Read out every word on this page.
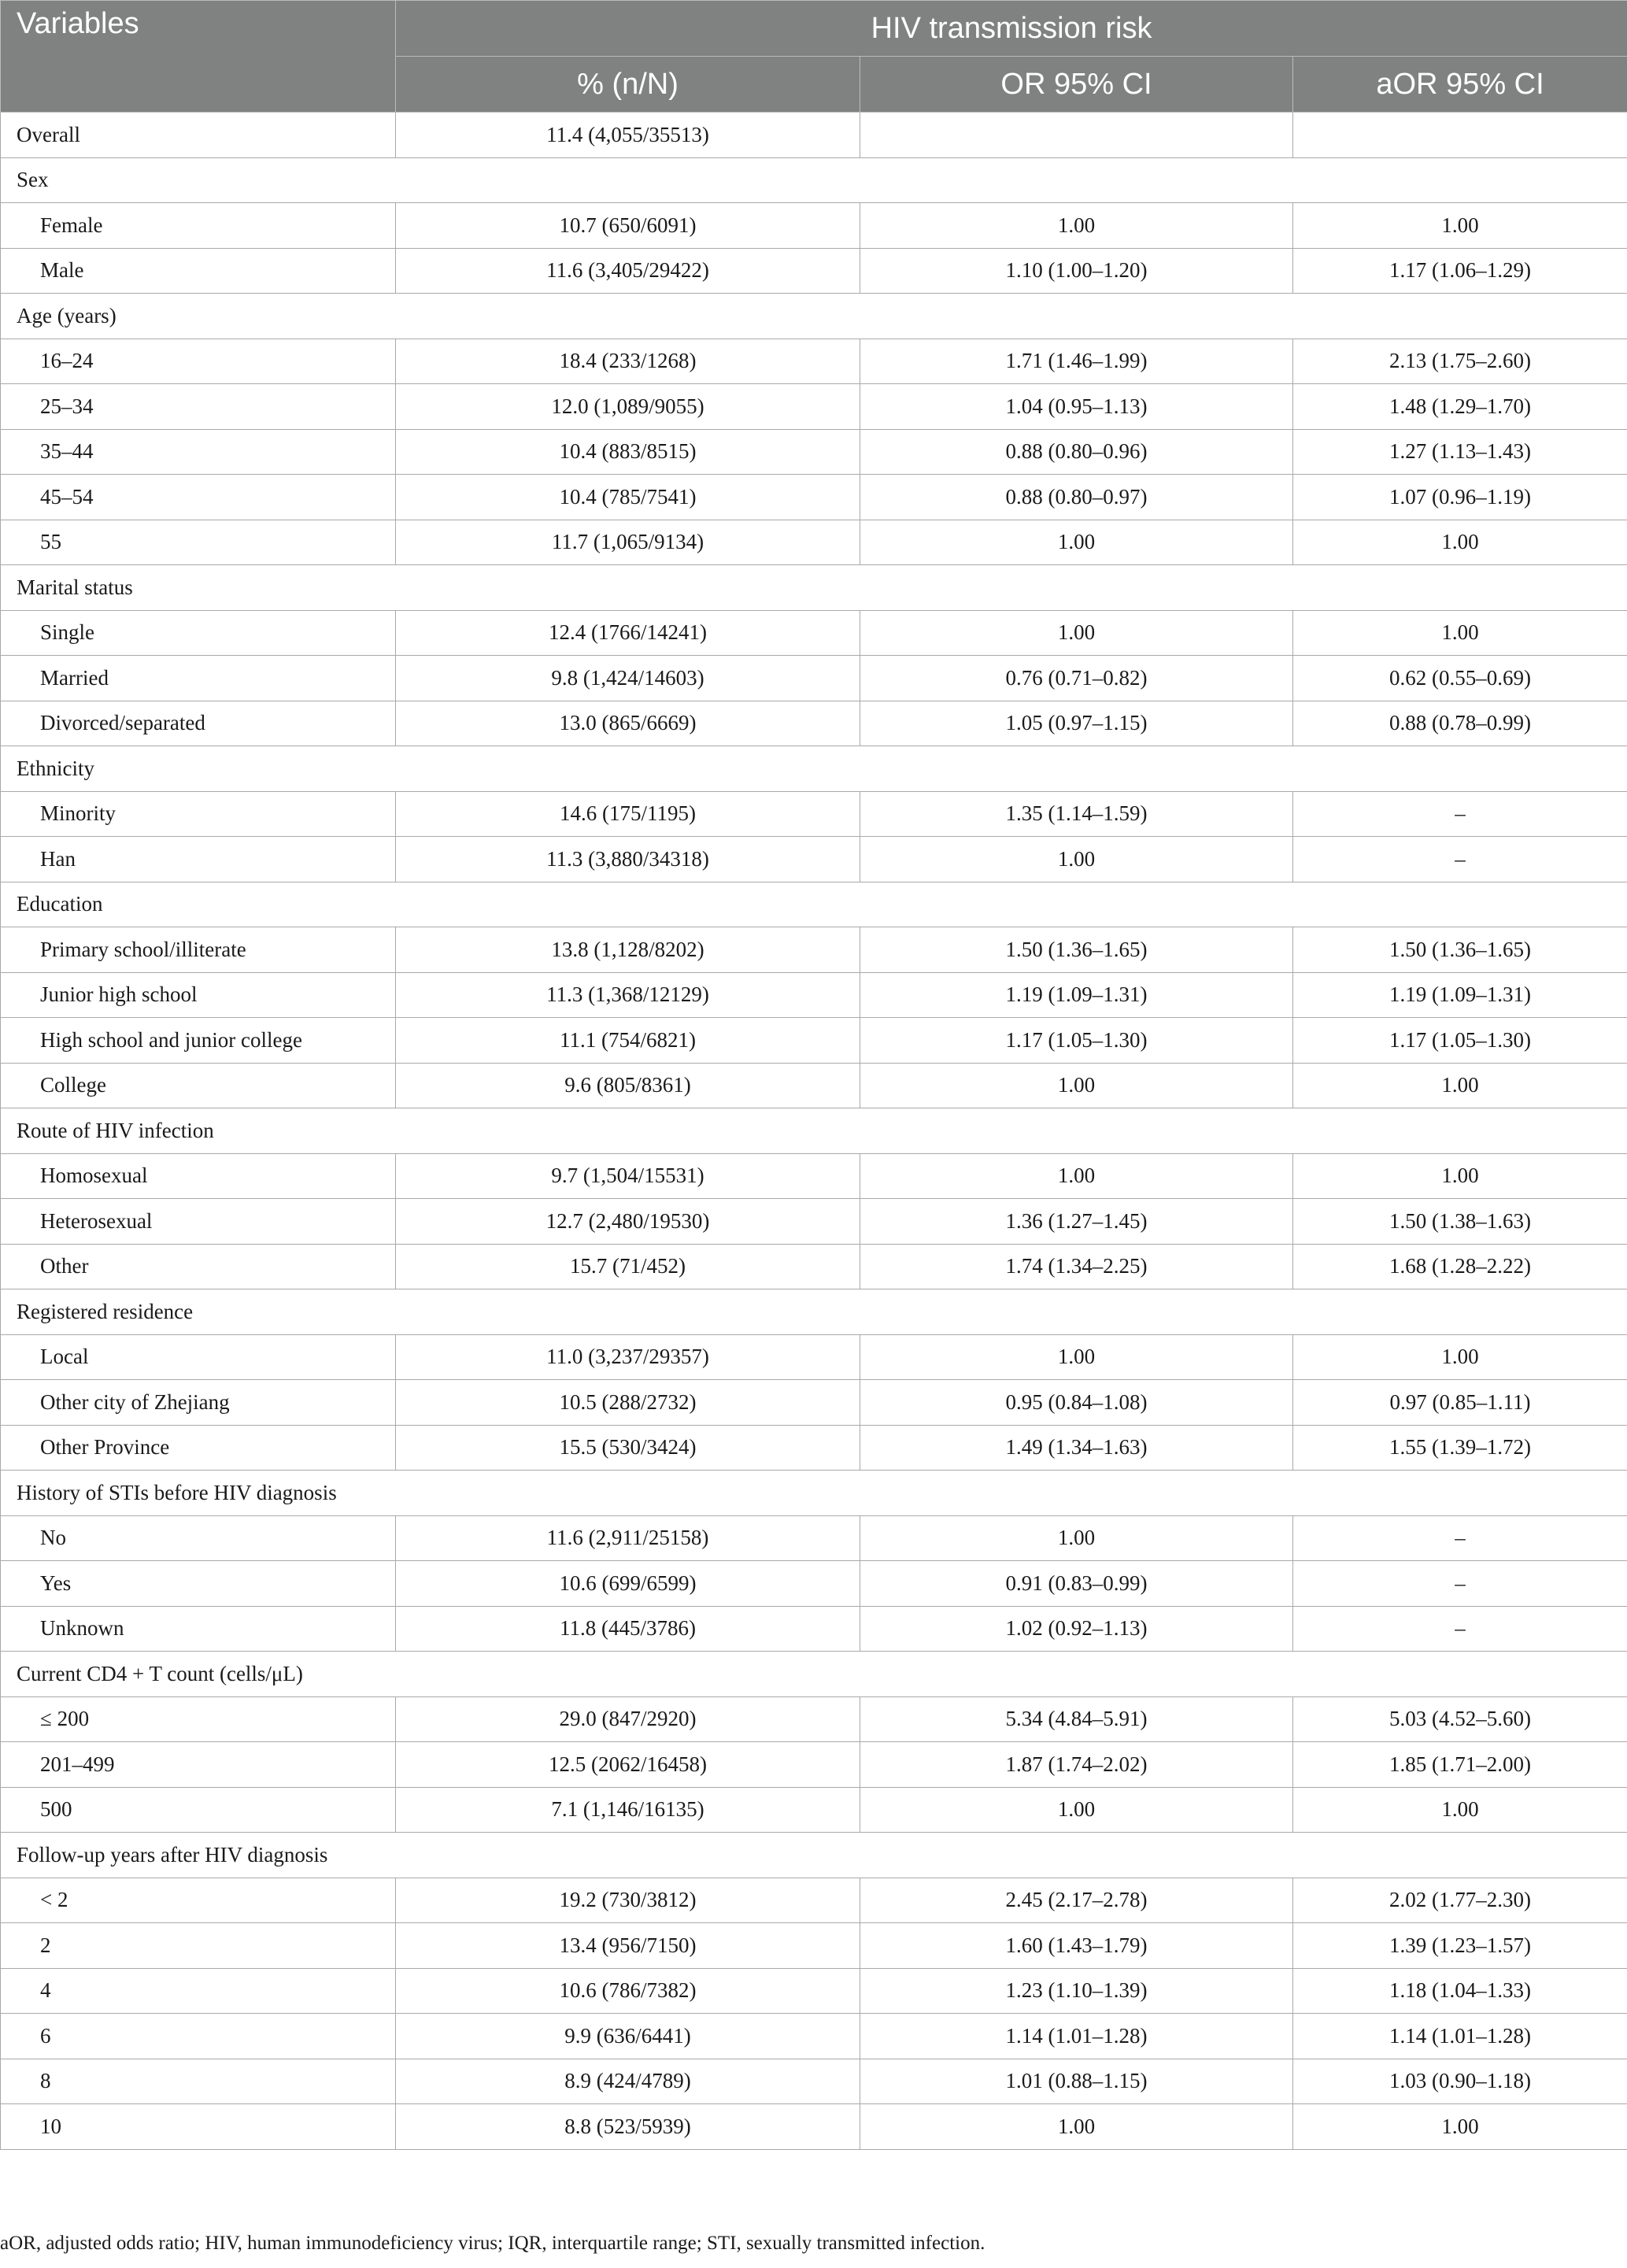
Variables	HIV transmission risk		
	% (n/N)	OR 95% CI	aOR 95% CI
Overall	11.4 (4,055/35513)		
Sex			
Female	10.7 (650/6091)	1.00	1.00
Male	11.6 (3,405/29422)	1.10 (1.00–1.20)	1.17 (1.06–1.29)
Age (years)			
16–24	18.4 (233/1268)	1.71 (1.46–1.99)	2.13 (1.75–2.60)
25–34	12.0 (1,089/9055)	1.04 (0.95–1.13)	1.48 (1.29–1.70)
35–44	10.4 (883/8515)	0.88 (0.80–0.96)	1.27 (1.13–1.43)
45–54	10.4 (785/7541)	0.88 (0.80–0.97)	1.07 (0.96–1.19)
55	11.7 (1,065/9134)	1.00	1.00
Marital status			
Single	12.4 (1766/14241)	1.00	1.00
Married	9.8 (1,424/14603)	0.76 (0.71–0.82)	0.62 (0.55–0.69)
Divorced/separated	13.0 (865/6669)	1.05 (0.97–1.15)	0.88 (0.78–0.99)
Ethnicity			
Minority	14.6 (175/1195)	1.35 (1.14–1.59)	–
Han	11.3 (3,880/34318)	1.00	–
Education			
Primary school/illiterate	13.8 (1,128/8202)	1.50 (1.36–1.65)	1.50 (1.36–1.65)
Junior high school	11.3 (1,368/12129)	1.19 (1.09–1.31)	1.19 (1.09–1.31)
High school and junior college	11.1 (754/6821)	1.17 (1.05–1.30)	1.17 (1.05–1.30)
College	9.6 (805/8361)	1.00	1.00
Route of HIV infection			
Homosexual	9.7 (1,504/15531)	1.00	1.00
Heterosexual	12.7 (2,480/19530)	1.36 (1.27–1.45)	1.50 (1.38–1.63)
Other	15.7 (71/452)	1.74 (1.34–2.25)	1.68 (1.28–2.22)
Registered residence			
Local	11.0 (3,237/29357)	1.00	1.00
Other city of Zhejiang	10.5 (288/2732)	0.95 (0.84–1.08)	0.97 (0.85–1.11)
Other Province	15.5 (530/3424)	1.49 (1.34–1.63)	1.55 (1.39–1.72)
History of STIs before HIV diagnosis			
No	11.6 (2,911/25158)	1.00	–
Yes	10.6 (699/6599)	0.91 (0.83–0.99)	–
Unknown	11.8 (445/3786)	1.02 (0.92–1.13)	–
Current CD4 + T count (cells/μL)			
≤ 200	29.0 (847/2920)	5.34 (4.84–5.91)	5.03 (4.52–5.60)
201–499	12.5 (2062/16458)	1.87 (1.74–2.02)	1.85 (1.71–2.00)
500	7.1 (1,146/16135)	1.00	1.00
Follow-up years after HIV diagnosis			
< 2	19.2 (730/3812)	2.45 (2.17–2.78)	2.02 (1.77–2.30)
2	13.4 (956/7150)	1.60 (1.43–1.79)	1.39 (1.23–1.57)
4	10.6 (786/7382)	1.23 (1.10–1.39)	1.18 (1.04–1.33)
6	9.9 (636/6441)	1.14 (1.01–1.28)	1.14 (1.01–1.28)
8	8.9 (424/4789)	1.01 (0.88–1.15)	1.03 (0.90–1.18)
10	8.8 (523/5939)	1.00	1.00
aOR, adjusted odds ratio; HIV, human immunodeficiency virus; IQR, interquartile range; STI, sexually transmitted infection.
